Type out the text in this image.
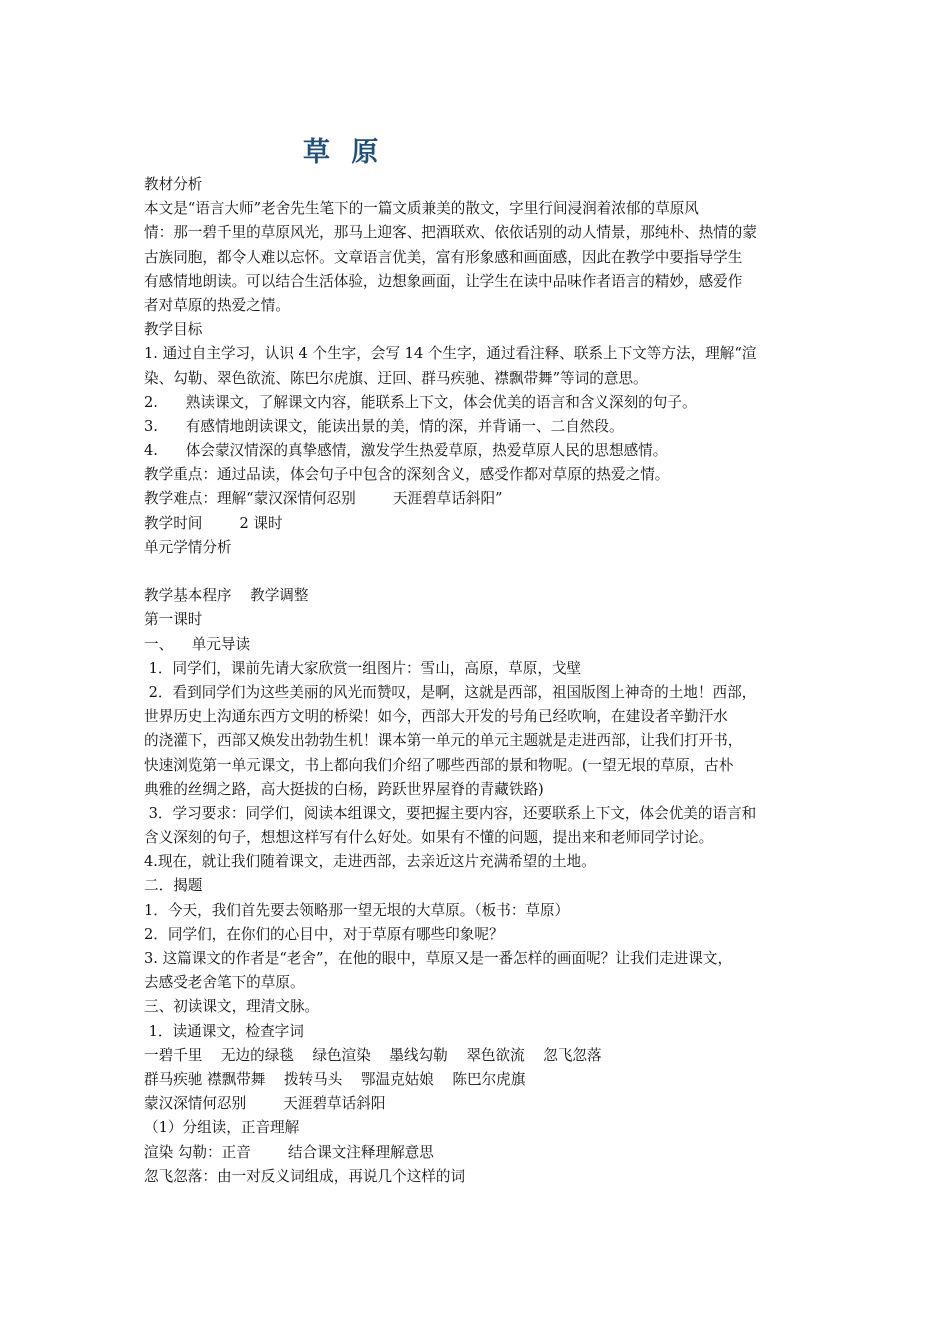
草 原
教材分析
本文是“语言大师”老舍先生笔下的一篇文质兼美的散文，字里行间浸润着浓郁的草原风
情：那一碧千里的草原风光，那马上迎客、把酒联欢、依依话别的动人情景，那纯朴、热情的蒙
古族同胞，都令人难以忘怀。文章语言优美，富有形象感和画面感，因此在教学中要指导学生
有感情地朗读。可以结合生活体验，边想象画面，让学生在读中品味作者语言的精妙，感爱作
者对草原的热爱之情。
教学目标
1. 通过自主学习，认识 4 个生字，会写 14 个生字，通过看注释、联系上下文等方法，理解“渲
染、勾勒、翠色欲流、陈巴尔虎旗、迂回、群马疾驰、襟飘带舞”等词的意思。
2.      熟读课文，了解课文内容，能联系上下文，体会优美的语言和含义深刻的句子。
3.      有感情地朗读课文，能读出景的美，情的深，并背诵一、二自然段。
4.      体会蒙汉情深的真挚感情，激发学生热爱草原，热爱草原人民的思想感情。
教学重点：通过品读，体会句子中包含的深刻含义，感受作都对草原的热爱之情。
教学难点：理解“蒙汉深情何忍别        天涯碧草话斜阳”
教学时间        2 课时
单元学情分析
教学基本程序    教学调整
第一课时
一、    单元导读
1．同学们，课前先请大家欣赏一组图片：雪山，高原，草原，戈壁
2．看到同学们为这些美丽的风光而赞叹，是啊，这就是西部，祖国版图上神奇的土地！西部，
世界历史上沟通东西方文明的桥梁！如今，西部大开发的号角已经吹响，在建设者辛勤汗水
的浇灌下，西部又焕发出勃勃生机！课本第一单元的单元主题就是走进西部，让我们打开书，
快速浏览第一单元课文，书上都向我们介绍了哪些西部的景和物呢。(一望无垠的草原，古朴
典雅的丝绸之路，高大挺拔的白杨，跨跃世界屋脊的青藏铁路)
3．学习要求：同学们，阅读本组课文，要把握主要内容，还要联系上下文，体会优美的语言和
含义深刻的句子，想想这样写有什么好处。如果有不懂的问题，提出来和老师同学讨论。
4.现在，就让我们随着课文，走进西部，去亲近这片充满希望的土地。
二．揭题
1．今天，我们首先要去领略那一望无垠的大草原。（板书：草原）
2．同学们，在你们的心目中，对于草原有哪些印象呢？
3. 这篇课文的作者是“老舍”，在他的眼中，草原又是一番怎样的画面呢？让我们走进课文，
去感受老舍笔下的草原。
三、初读课文，理清文脉。
1．读通课文，检查字词
一碧千里    无边的绿毯    绿色渲染    墨线勾勒    翠色欲流    忽飞忽落
群马疾驰 襟飘带舞    拨转马头    鄂温克姑娘    陈巴尔虎旗
蒙汉深情何忍别        天涯碧草话斜阳
（1）分组读，正音理解
渲染 勾勒：正音        结合课文注释理解意思
忽飞忽落：由一对反义词组成，再说几个这样的词
